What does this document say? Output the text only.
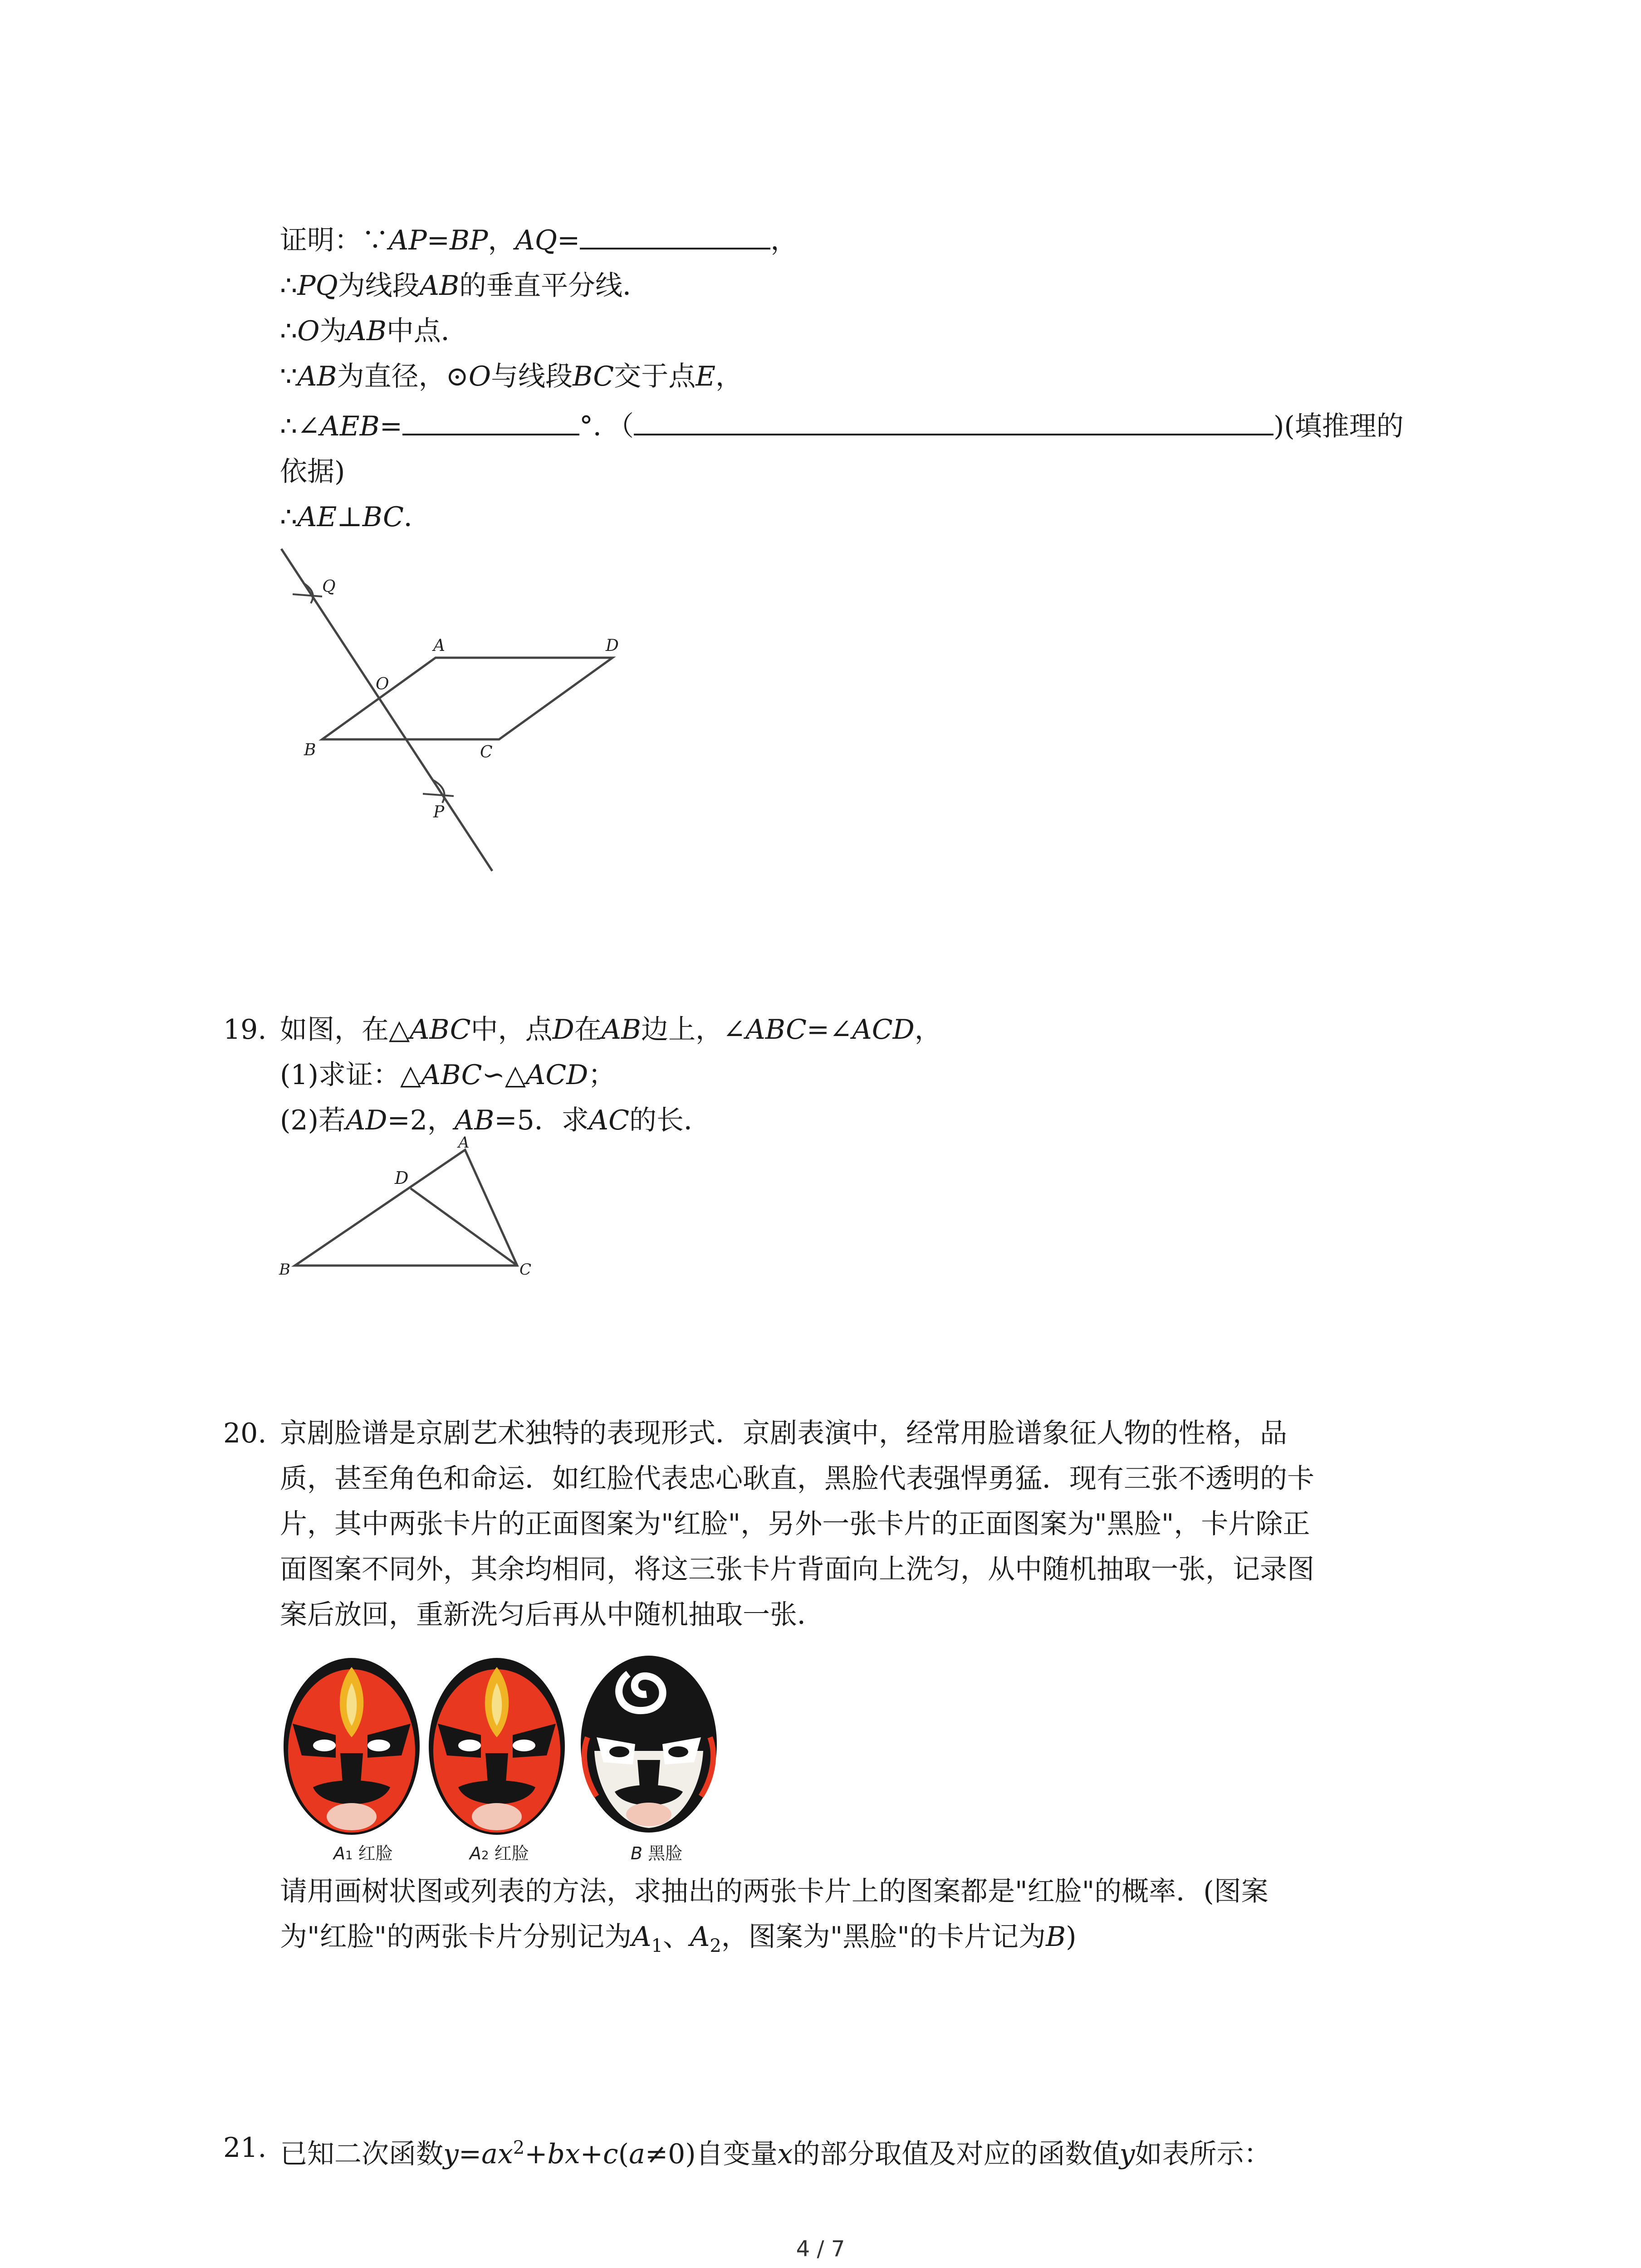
证明：∵AP=BP，AQ=	，
∴PQ为线段AB的垂直平分线．
∴O为AB中点．
∵AB为直径，⊙O与线段BC交于点E，
∴∠AEB=	°．（	)(填推理的
依据)
∴AE⊥BC．
Q
A	D
O
B	C
P
19. 如图，在△ABC中，点D在AB边上，∠ABC=∠ACD，
(1)求证：△ABC∽△ACD；
(2)若AD=2，AB=5．求AC的长．
A
D
B	C
20. 京剧脸谱是京剧艺术独特的表现形式．京剧表演中，经常用脸谱象征人物的性格，品
质，甚至角色和命运．如红脸代表忠心耿直，黑脸代表强悍勇猛．现有三张不透明的卡
片，其中两张卡片的正面图案为"红脸"，另外一张卡片的正面图案为"黑脸"，卡片除正
面图案不同外，其余均相同，将这三张卡片背面向上洗匀，从中随机抽取一张，记录图
案后放回，重新洗匀后再从中随机抽取一张．
A1 红脸	A2 红脸	B 黑脸
请用画树状图或列表的方法，求抽出的两张卡片上的图案都是"红脸"的概率．(图案
为"红脸"的两张卡片分别记为$A_1$、$A_2$，图案为"黑脸"的卡片记为B)
21. 已知二次函数$y=ax^2+bx+c(a\ne 0)$自变量x的部分取值及对应的函数值y如表所示：
4 / 7
